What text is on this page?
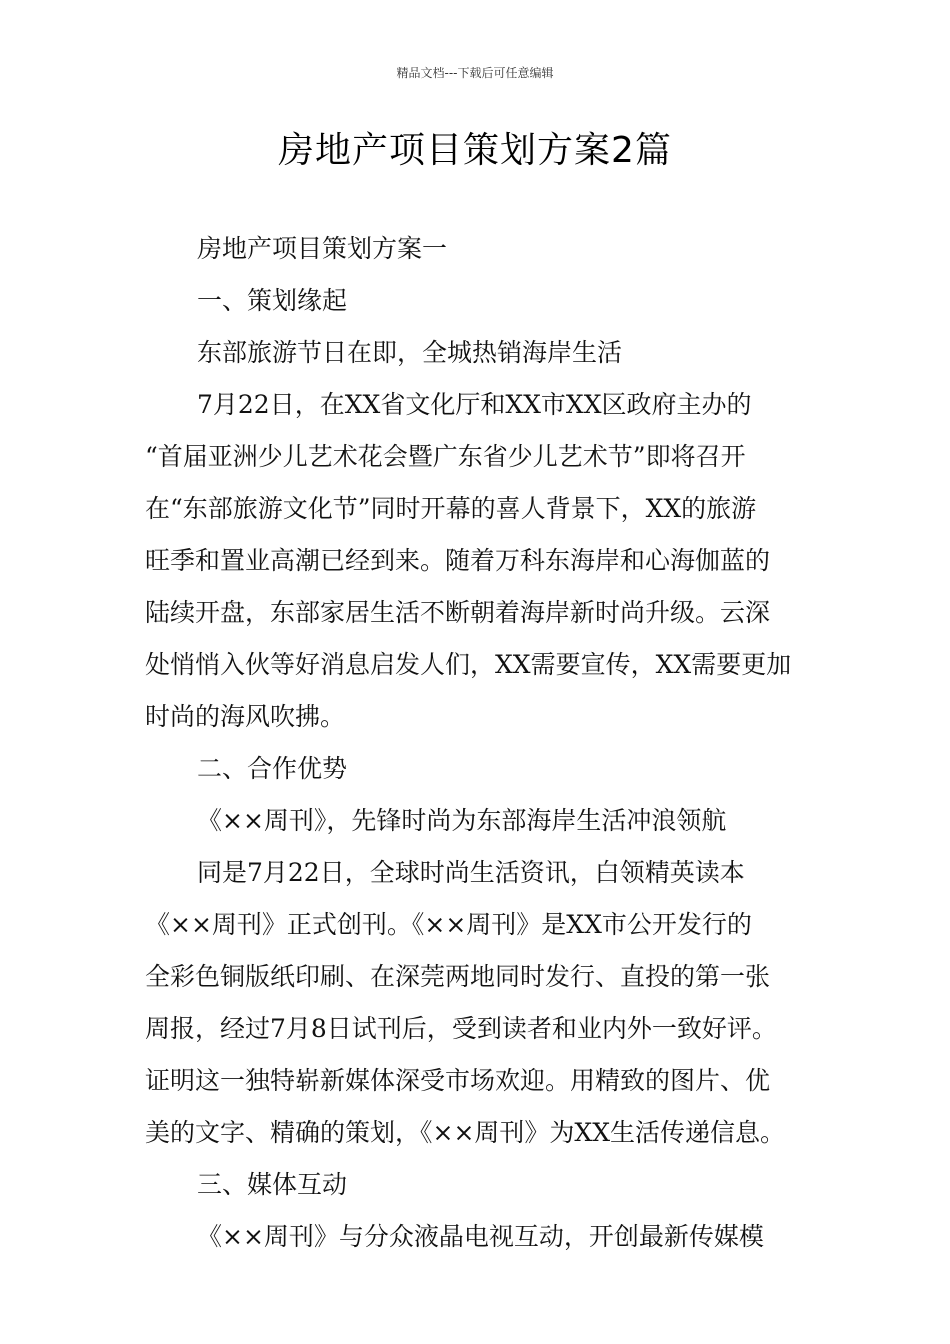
精品文档---下载后可任意编辑
房地产项目策划方案2篇

房地产项目策划方案一

一、策划缘起

东部旅游节日在即，全城热销海岸生活

7月22日，在XX省文化厅和XX市XX区政府主办的

“首届亚洲少儿艺术花会暨广东省少儿艺术节”即将召开

在“东部旅游文化节”同时开幕的喜人背景下，XX的旅游

旺季和置业高潮已经到来。随着万科东海岸和心海伽蓝的

陆续开盘，东部家居生活不断朝着海岸新时尚升级。云深

处悄悄入伙等好消息启发人们，XX需要宣传，XX需要更加

时尚的海风吹拂。

二、合作优势

《××周刊》，先锋时尚为东部海岸生活冲浪领航

同是7月22日，全球时尚生活资讯，白领精英读本

《××周刊》正式创刊。《××周刊》是XX市公开发行的

全彩色铜版纸印刷、在深莞两地同时发行、直投的第一张

周报，经过7月8日试刊后，受到读者和业内外一致好评。

证明这一独特崭新媒体深受市场欢迎。用精致的图片、优

美的文字、精确的策划，《××周刊》为XX生活传递信息。

三、媒体互动

《××周刊》与分众液晶电视互动，开创最新传媒模
